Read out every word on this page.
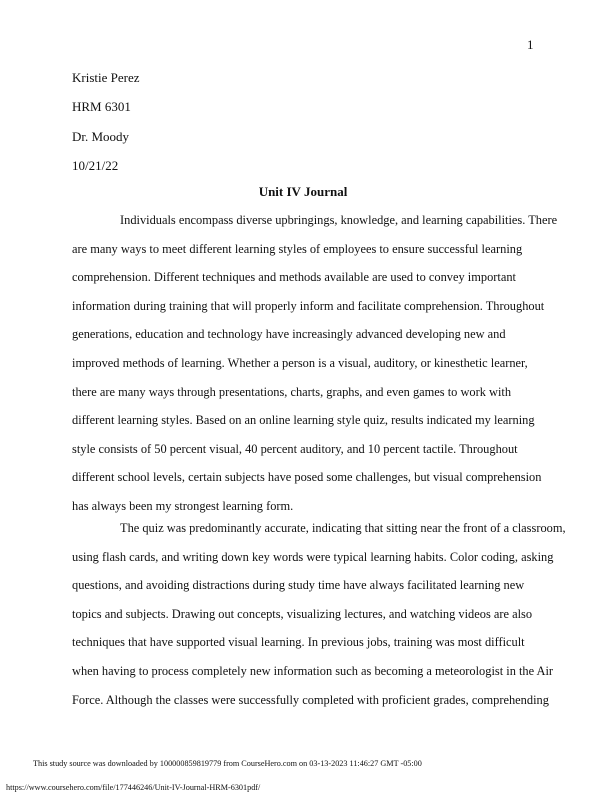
1
Kristie Perez
HRM 6301
Dr. Moody
10/21/22
Unit IV Journal
Individuals encompass diverse upbringings, knowledge, and learning capabilities. There
are many ways to meet different learning styles of employees to ensure successful learning
comprehension. Different techniques and methods available are used to convey important
information during training that will properly inform and facilitate comprehension. Throughout
generations, education and technology have increasingly advanced developing new and
improved methods of learning. Whether a person is a visual, auditory, or kinesthetic learner,
there are many ways through presentations, charts, graphs, and even games to work with
different learning styles. Based on an online learning style quiz, results indicated my learning
style consists of 50 percent visual, 40 percent auditory, and 10 percent tactile. Throughout
different school levels, certain subjects have posed some challenges, but visual comprehension
has always been my strongest learning form.
The quiz was predominantly accurate, indicating that sitting near the front of a classroom,
using flash cards, and writing down key words were typical learning habits. Color coding, asking
questions, and avoiding distractions during study time have always facilitated learning new
topics and subjects. Drawing out concepts, visualizing lectures, and watching videos are also
techniques that have supported visual learning. In previous jobs, training was most difficult
when having to process completely new information such as becoming a meteorologist in the Air
Force. Although the classes were successfully completed with proficient grades, comprehending
This study source was downloaded by 100000859819779 from CourseHero.com on 03-13-2023 11:46:27 GMT -05:00
https://www.coursehero.com/file/177446246/Unit-IV-Journal-HRM-6301pdf/
